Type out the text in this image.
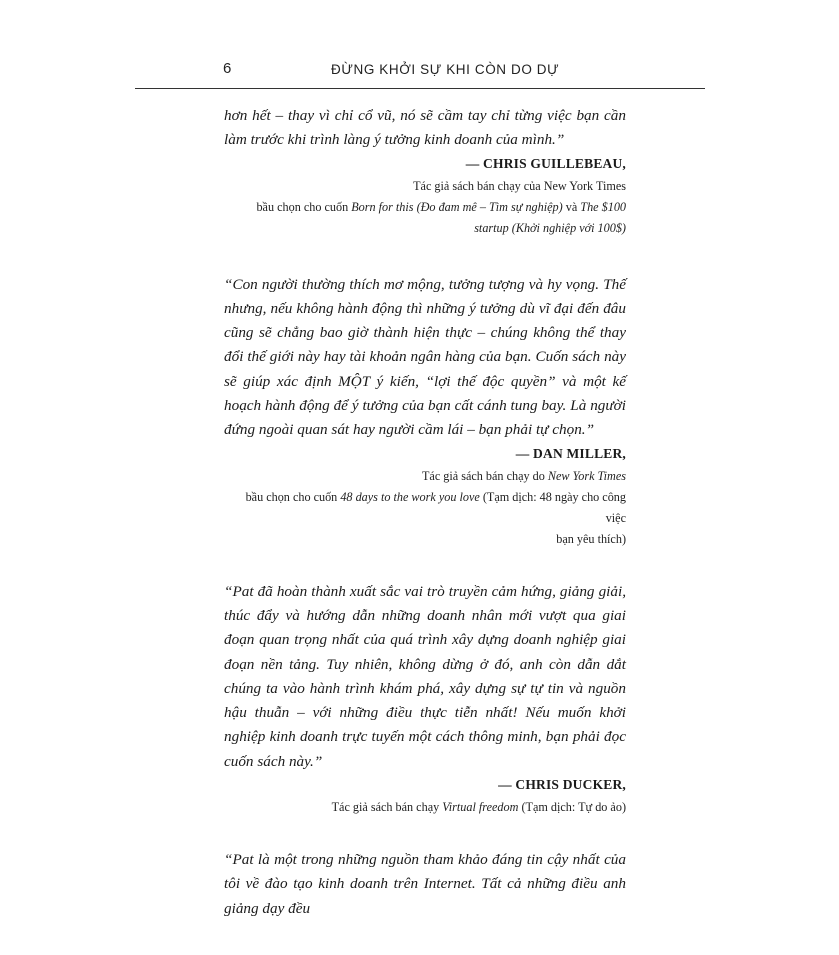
6	ĐỪNG KHỞI SỰ KHI CÒN DO DỰ

hơn hết – thay vì chỉ cổ vũ, nó sẽ cầm tay chỉ từng việc bạn cần làm trước khi trình làng ý tưởng kinh doanh của mình.”

— CHRIS GUILLEBEAU,

Tác giả sách bán chạy của New York Times

bầu chọn cho cuốn Born for this (Đo đam mê – Tìm sự nghiệp) và The $100

startup (Khởi nghiệp với 100$)

“Con người thường thích mơ mộng, tưởng tượng và hy vọng. Thế nhưng, nếu không hành động thì những ý tưởng dù vĩ đại đến đâu cũng sẽ chẳng bao giờ thành hiện thực – chúng không thể thay đổi thế giới này hay tài khoản ngân hàng của bạn. Cuốn sách này sẽ giúp xác định MỘT ý kiến, “lợi thế độc quyền” và một kế hoạch hành động để ý tưởng của bạn cất cánh tung bay. Là người đứng ngoài quan sát hay người cầm lái – bạn phải tự chọn.”

— DAN MILLER,

Tác giả sách bán chạy do New York Times

bầu chọn cho cuốn 48 days to the work you love (Tạm dịch: 48 ngày cho công việc

bạn yêu thích)

“Pat đã hoàn thành xuất sắc vai trò truyền cảm hứng, giảng giải, thúc đẩy và hướng dẫn những doanh nhân mới vượt qua giai đoạn quan trọng nhất của quá trình xây dựng doanh nghiệp giai đoạn nền tảng. Tuy nhiên, không dừng ở đó, anh còn dẫn dắt chúng ta vào hành trình khám phá, xây dựng sự tự tin và nguồn hậu thuẫn – với những điều thực tiễn nhất! Nếu muốn khởi nghiệp kinh doanh trực tuyến một cách thông minh, bạn phải đọc cuốn sách này.”

— CHRIS DUCKER,

Tác giả sách bán chạy Virtual freedom (Tạm dịch: Tự do ảo)

“Pat là một trong những nguồn tham khảo đáng tin cậy nhất của tôi về đào tạo kinh doanh trên Internet. Tất cả những điều anh giảng dạy đều
